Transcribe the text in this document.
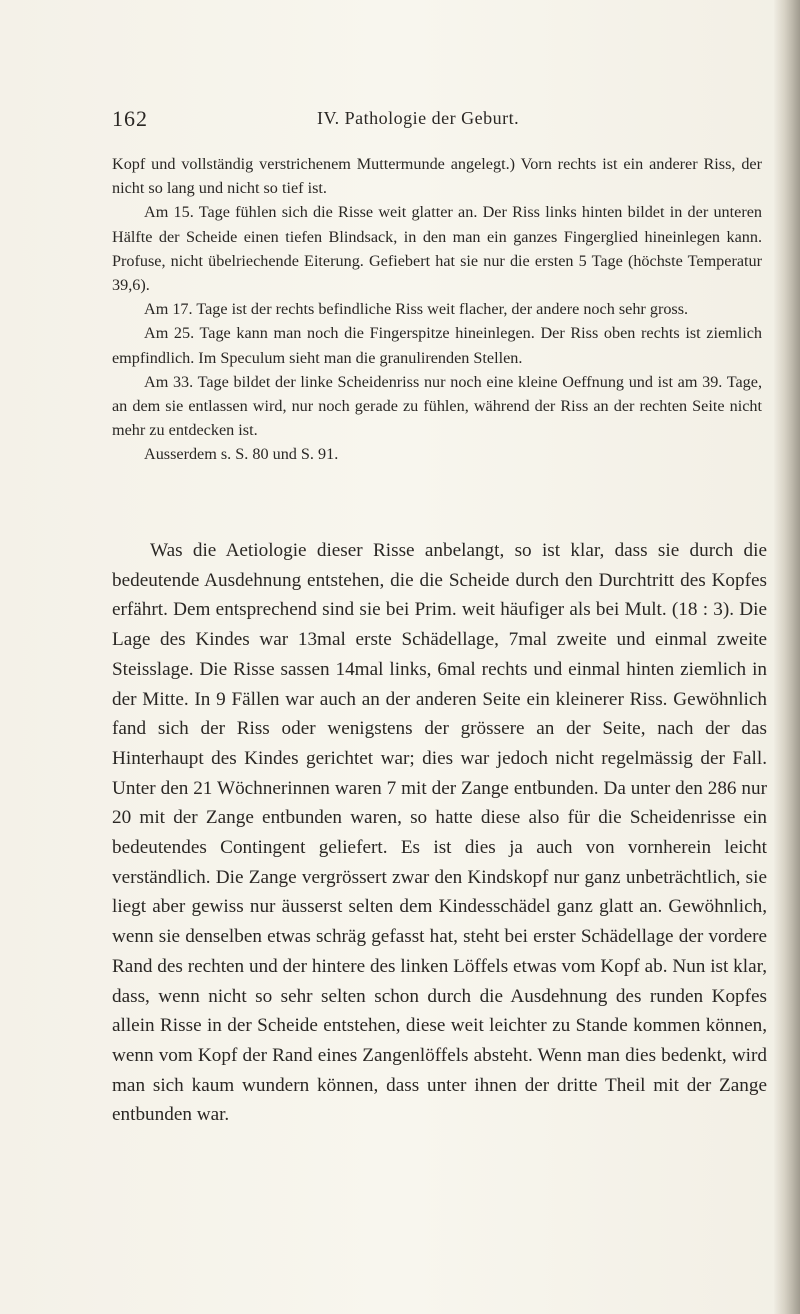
162	IV. Pathologie der Geburt.

Kopf und vollständig verstrichenem Muttermunde angelegt.) Vorn rechts ist ein anderer Riss, der nicht so lang und nicht so tief ist.

Am 15. Tage fühlen sich die Risse weit glatter an. Der Riss links hinten bildet in der unteren Hälfte der Scheide einen tiefen Blindsack, in den man ein ganzes Fingerglied hineinlegen kann. Profuse, nicht übelriechende Eiterung. Gefiebert hat sie nur die ersten 5 Tage (höchste Temperatur 39,6).

Am 17. Tage ist der rechts befindliche Riss weit flacher, der andere noch sehr gross.

Am 25. Tage kann man noch die Fingerspitze hineinlegen. Der Riss oben rechts ist ziemlich empfindlich. Im Speculum sieht man die granulirenden Stellen.

Am 33. Tage bildet der linke Scheidenriss nur noch eine kleine Oeffnung und ist am 39. Tage, an dem sie entlassen wird, nur noch gerade zu fühlen, während der Riss an der rechten Seite nicht mehr zu entdecken ist.

Ausserdem s. S. 80 und S. 91.

Was die Aetiologie dieser Risse anbelangt, so ist klar, dass sie durch die bedeutende Ausdehnung entstehen, die die Scheide durch den Durchtritt des Kopfes erfährt. Dem entsprechend sind sie bei Prim. weit häufiger als bei Mult. (18 : 3). Die Lage des Kindes war 13mal erste Schädellage, 7mal zweite und einmal zweite Steisslage. Die Risse sassen 14mal links, 6mal rechts und einmal hinten ziemlich in der Mitte. In 9 Fällen war auch an der anderen Seite ein kleinerer Riss. Gewöhnlich fand sich der Riss oder wenigstens der grössere an der Seite, nach der das Hinterhaupt des Kindes gerichtet war; dies war jedoch nicht regelmässig der Fall. Unter den 21 Wöchnerinnen waren 7 mit der Zange entbunden. Da unter den 286 nur 20 mit der Zange entbunden waren, so hatte diese also für die Scheidenrisse ein bedeutendes Contingent geliefert. Es ist dies ja auch von vornherein leicht verständlich. Die Zange vergrössert zwar den Kindskopf nur ganz unbeträchtlich, sie liegt aber gewiss nur äusserst selten dem Kindesschädel ganz glatt an. Gewöhnlich, wenn sie denselben etwas schräg gefasst hat, steht bei erster Schädellage der vordere Rand des rechten und der hintere des linken Löffels etwas vom Kopf ab. Nun ist klar, dass, wenn nicht so sehr selten schon durch die Ausdehnung des runden Kopfes allein Risse in der Scheide entstehen, diese weit leichter zu Stande kommen können, wenn vom Kopf der Rand eines Zangenlöffels absteht. Wenn man dies bedenkt, wird man sich kaum wundern können, dass unter ihnen der dritte Theil mit der Zange entbunden war.
